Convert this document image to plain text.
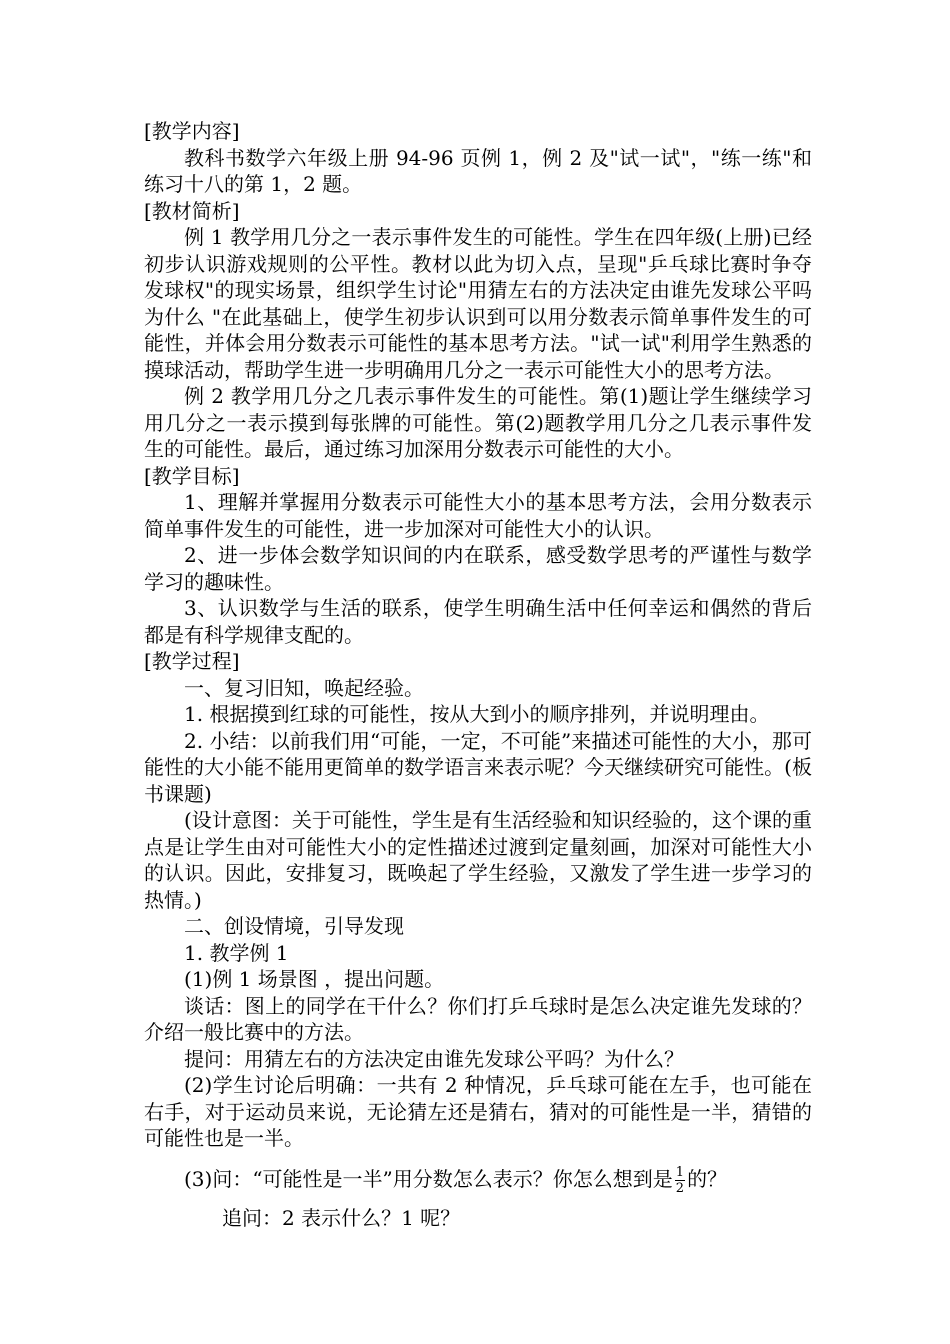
[教学内容]

教科书数学六年级上册 94-96 页例 1，例 2 及"试一试"，"练一练"和练习十八的第 1，2 题。

[教材简析]

例 1 教学用几分之一表示事件发生的可能性。学生在四年级(上册)已经初步认识游戏规则的公平性。教材以此为切入点，呈现"乒乓球比赛时争夺发球权"的现实场景，组织学生讨论"用猜左右的方法决定由谁先发球公平吗 为什么 "在此基础上，使学生初步认识到可以用分数表示简单事件发生的可能性，并体会用分数表示可能性的基本思考方法。"试一试"利用学生熟悉的摸球活动，帮助学生进一步明确用几分之一表示可能性大小的思考方法。

例 2 教学用几分之几表示事件发生的可能性。第(1)题让学生继续学习用几分之一表示摸到每张牌的可能性。第(2)题教学用几分之几表示事件发生的可能性。最后，通过练习加深用分数表示可能性的大小。

[教学目标]

1、理解并掌握用分数表示可能性大小的基本思考方法，会用分数表示简单事件发生的可能性，进一步加深对可能性大小的认识。

2、进一步体会数学知识间的内在联系，感受数学思考的严谨性与数学学习的趣味性。

3、认识数学与生活的联系，使学生明确生活中任何幸运和偶然的背后都是有科学规律支配的。

[教学过程]

一、复习旧知，唤起经验。

1. 根据摸到红球的可能性，按从大到小的顺序排列，并说明理由。

2. 小结：以前我们用“可能，一定，不可能”来描述可能性的大小，那可能性的大小能不能用更简单的数学语言来表示呢？今天继续研究可能性。(板书课题)

(设计意图：关于可能性，学生是有生活经验和知识经验的，这个课的重点是让学生由对可能性大小的定性描述过渡到定量刻画，加深对可能性大小的认识。因此，安排复习，既唤起了学生经验，又激发了学生进一步学习的热情。)

二、创设情境，引导发现

1. 教学例 1

(1)例 1 场景图 ，提出问题。

谈话：图上的同学在干什么？你们打乒乓球时是怎么决定谁先发球的？介绍一般比赛中的方法。

提问：用猜左右的方法决定由谁先发球公平吗？为什么？

(2)学生讨论后明确：一共有 2 种情况，乒乓球可能在左手，也可能在右手，对于运动员来说，无论猜左还是猜右，猜对的可能性是一半，猜错的可能性也是一半。

(3)问：“可能性是一半”用分数怎么表示？你怎么想到是 $\frac{1}{2}$ 的？

追问：2 表示什么？1 呢？
